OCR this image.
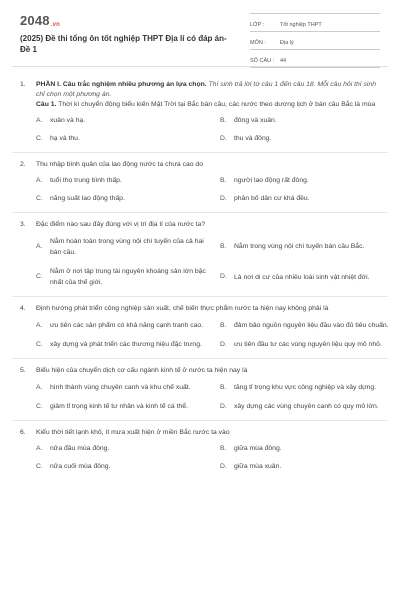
2048.vn
(2025) Đề thi tổng ôn tốt nghiệp THPT Địa lí có đáp án- Đề 1
LỚP :	Tốt nghiệp THPT
MÔN :	Địa lý
SỐ CÂU :	44
1.	PHẦN I. Câu trắc nghiệm nhiều phương án lựa chọn. Thí sinh trả lời từ câu 1 đến câu 18. Mỗi câu hỏi thí sinh chỉ chọn một phương án.
Câu 1. Thời kì chuyển động biểu kiến Mặt Trời tại Bắc bán cầu, các nước theo dương lịch ở bán cầu Bắc là mùa
A.	xuân và hạ.	B.	đông và xuân.
C.	hạ và thu.	D.	thu và đông.
2.	Thu nhập bình quân của lao động nước ta chưa cao do
A.	tuổi thọ trung bình thấp.	B.	người lao động rất đông.
C.	năng suất lao động thấp.	D.	phân bố dân cư khá đều.
3.	Đặc điểm nào sau đây đúng với vị trí địa lí của nước ta?
A.
Nằm hoàn toàn trong vùng nội chí tuyến của cả hai bán cầu.
B.	Nằm trong vùng nội chí tuyến bán cầu Bắc.
C.
Nằm ở nơi tập trung tài nguyên khoáng sản lớn bậc nhất của thế giới.
D.	Là nơi di cư của nhiều loài sinh vật nhiệt đới.
4.	Định hướng phát triển công nghiệp sản xuất, chế biến thực phẩm nước ta hiện nay không phải là
A.	ưu tiên các sản phẩm có khả năng cạnh tranh cao.	B.	đảm bảo nguồn nguyên liệu đầu vào đủ tiêu chuẩn.
C.	xây dựng và phát triển các thương hiệu đặc trưng.	D.	ưu tiên đầu tư các vùng nguyên liệu quy mô nhỏ.
5.	Biểu hiện của chuyển dịch cơ cấu ngành kinh tế ở nước ta hiện nay là
A.	hình thành vùng chuyên canh và khu chế xuất.	B.	tăng tỉ trọng khu vực công nghiệp và xây dựng.
C.	giảm tỉ trọng kinh tế tư nhân và kinh tế cá thể.	D.	xây dựng các vùng chuyên canh có quy mô lớn.
6.	Kiểu thời tiết lạnh khô, ít mưa xuất hiện ở miền Bắc nước ta vào
A.	nửa đầu mùa đông.	B.	giữa mùa đông.
C.	nửa cuối mùa đông.	D.	giữa mùa xuân.
